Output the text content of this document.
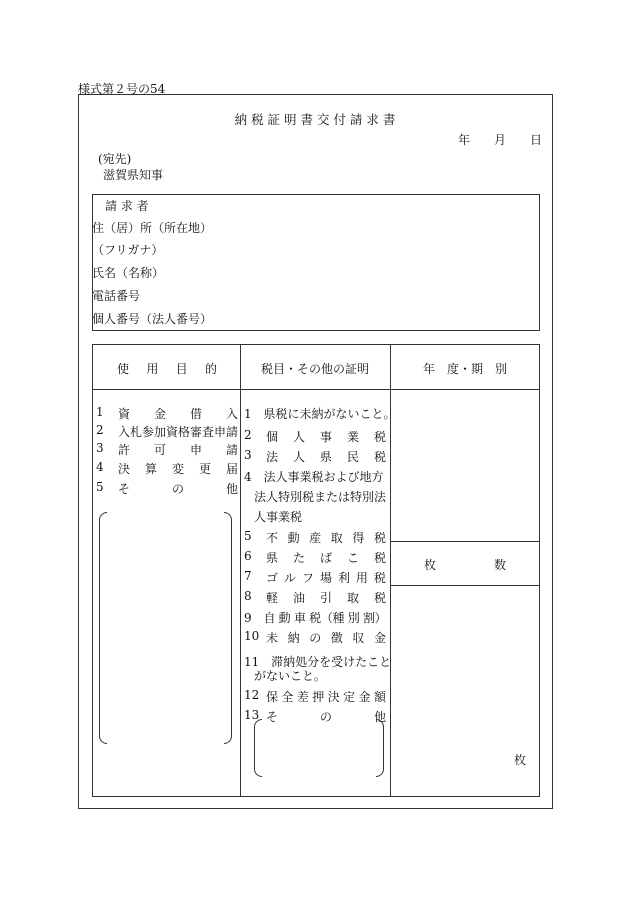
様式第２号の54
納 税 証 明 書 交 付 請 求 書
年 月 日
(宛先)
滋賀県知事
請 求 者
住（居）所（所在地）
（フリガナ）
氏名（名称）
電話番号
個人番号（法人番号）
使 用 目 的	税目・その他の証明	年　度・期　別
1 資 金 借 入
2 入札参加資格審査申請
3 許 可 申 請
4 決 算 変 更 届
5 そ	の	他
1 県税に未納がないこと。
2 個 人 事 業 税
3 法 人 県 民 税
4 法人事業税および地方
法人特別税または特別法
人事業税
5 不 動 産 取 得 税
6 県 た ば こ 税
7 ゴ ル フ 場 利 用 税
8 軽 油 引 取 税
9 自 動 車 税（種 別 割）
10 未 納 の 徴 収 金
11 滞納処分を受けたこと
がないこと。
12 保 全 差 押 決 定 金 額
13 そ	の	他
枚	数
枚
